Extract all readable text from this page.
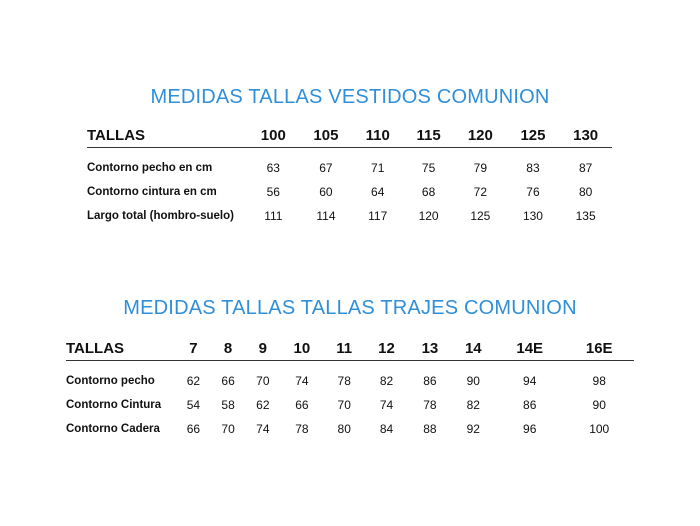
MEDIDAS TALLAS VESTIDOS COMUNION
TALLAS	100	105	110	115	120	125	130
Contorno pecho en cm	63	67	71	75	79	83	87
Contorno cintura en cm	56	60	64	68	72	76	80
Largo total (hombro-suelo)	111	114	117	120	125	130	135
MEDIDAS TALLAS TALLAS TRAJES COMUNION
TALLAS	7	8	9	10	11	12	13	14	14E	16E
Contorno pecho	62	66	70	74	78	82	86	90	94	98
Contorno Cintura	54	58	62	66	70	74	78	82	86	90
Contorno Cadera	66	70	74	78	80	84	88	92	96	100
